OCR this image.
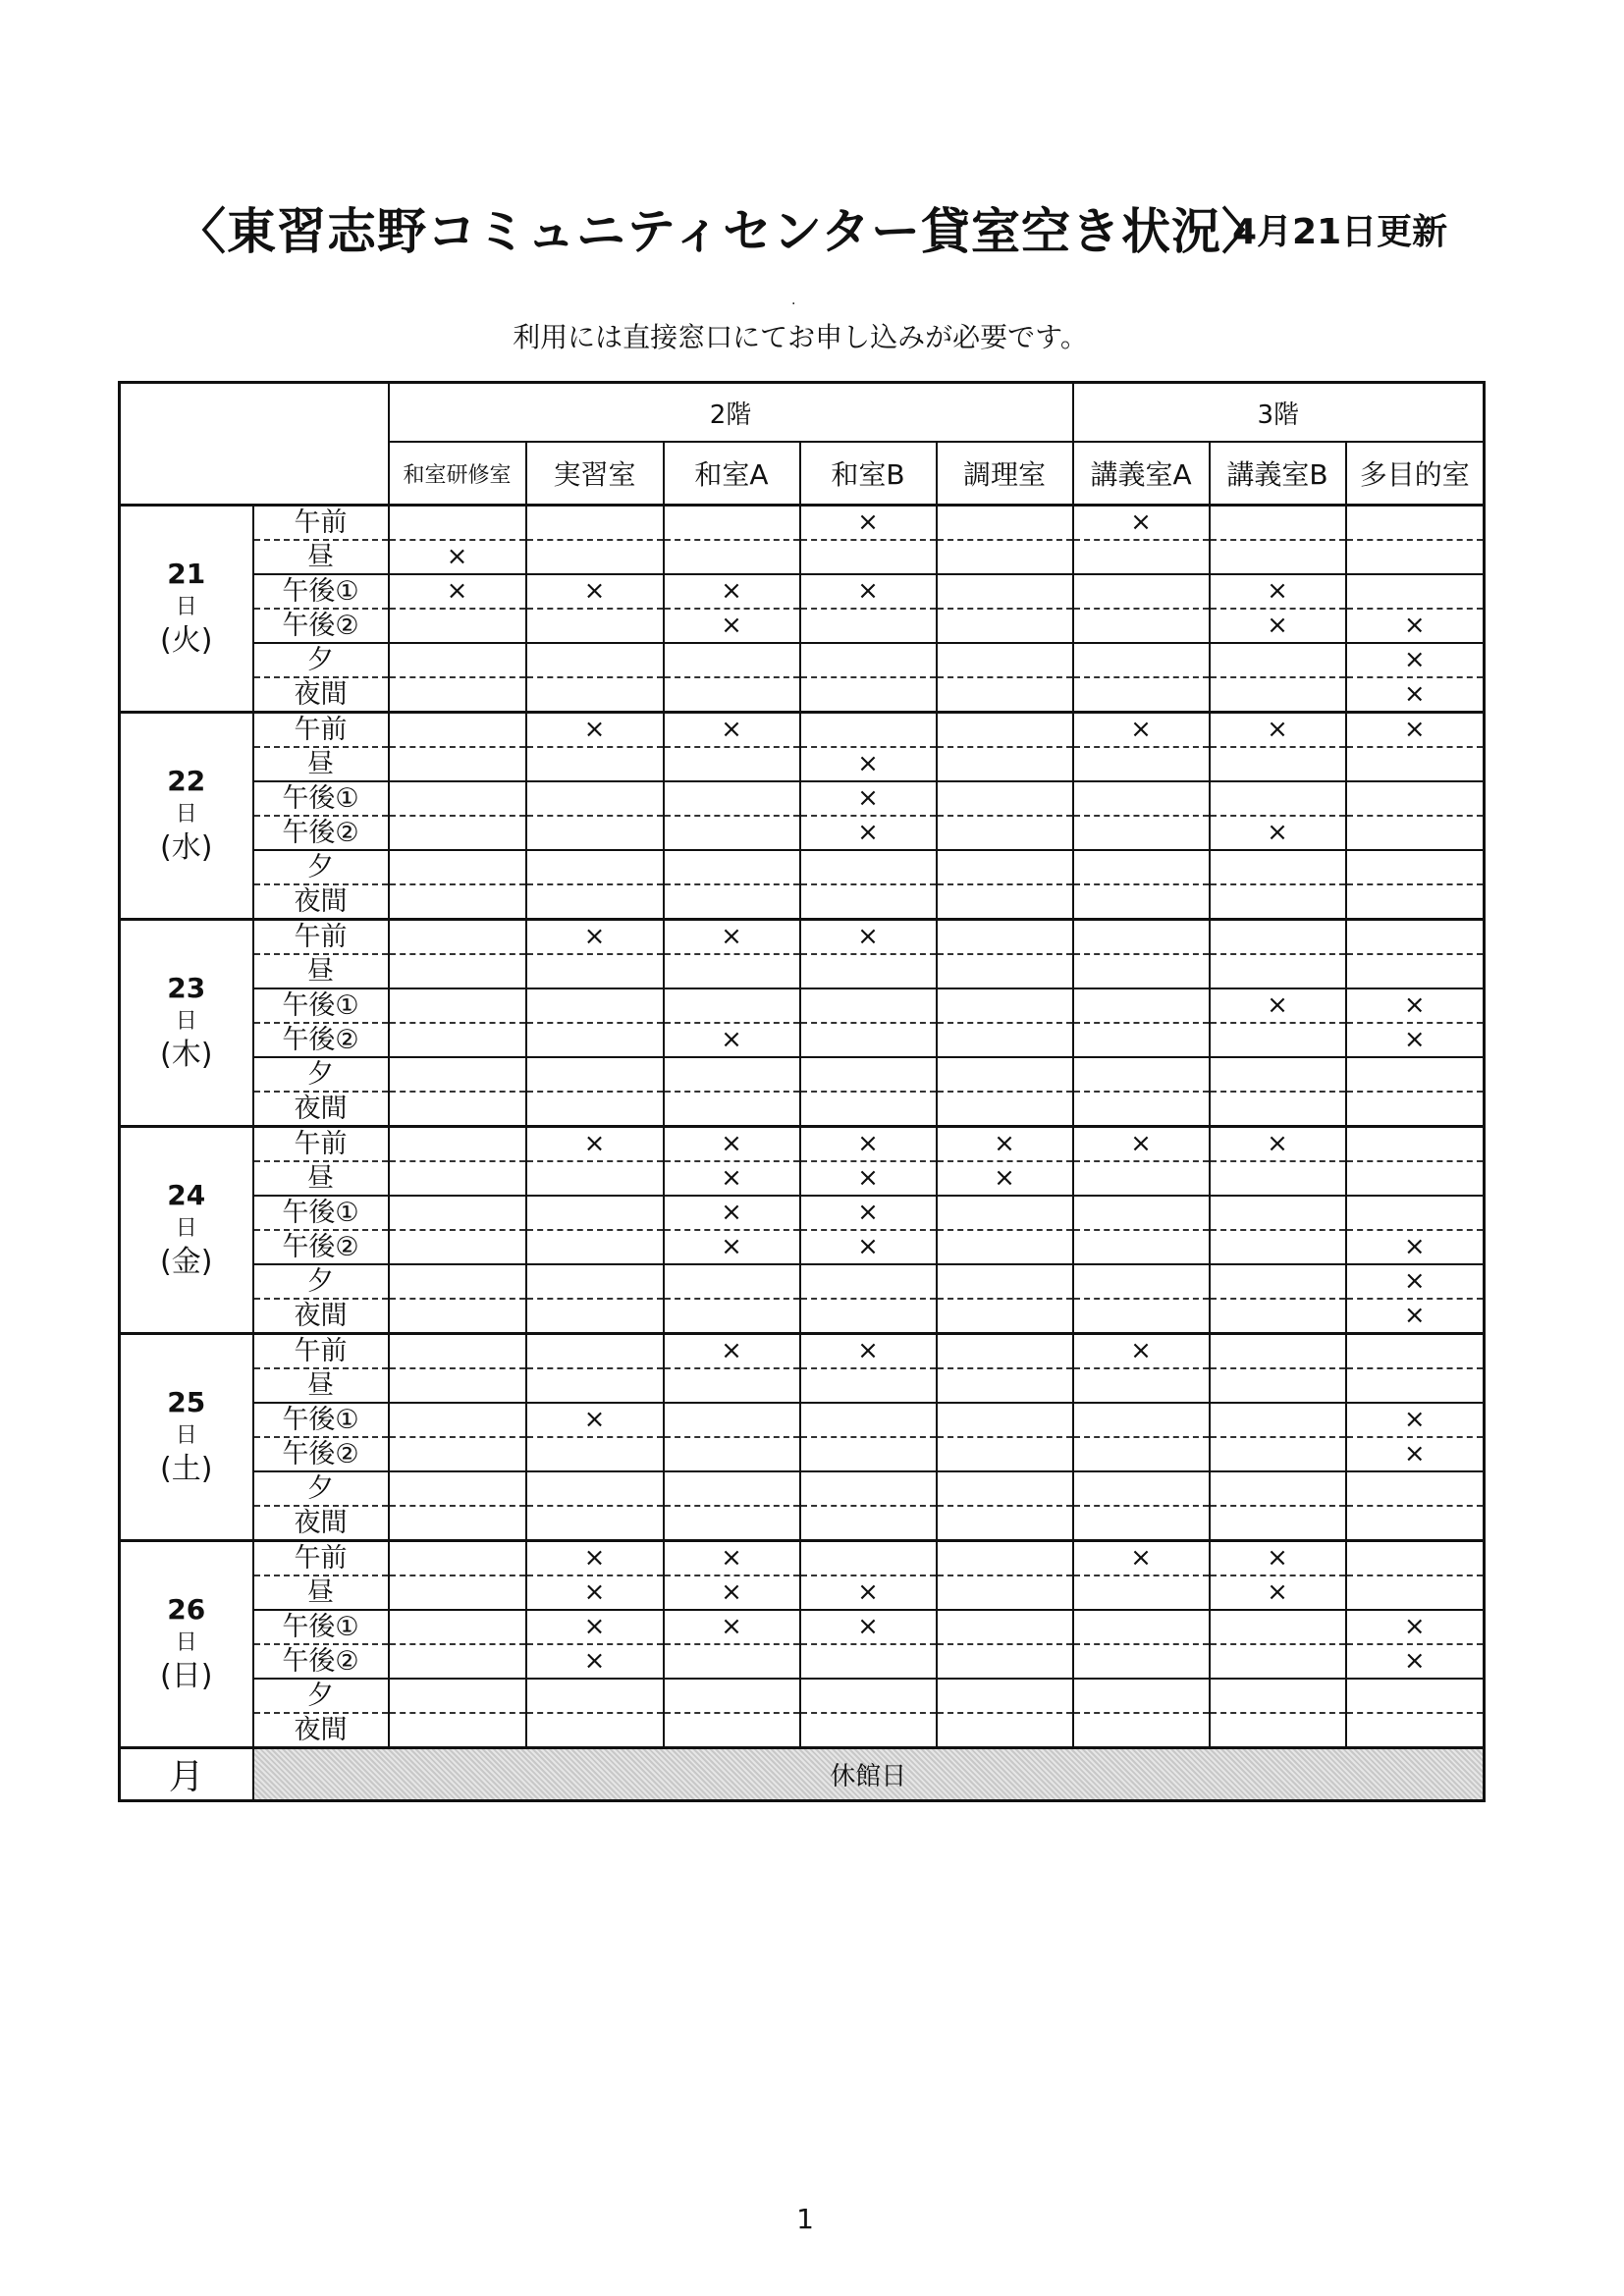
〈東習志野コミュニティセンター貸室空き状況〉
4月21日更新
.
利用には直接窓口にてお申し込みが必要です。
		2階					3階		
		和室研修室	実習室	和室A	和室B	調理室	講義室A	講義室B	多目的室

21
日
(火)	午前				×		×		
	昼	×							
	午後①	×	×	×	×			×	
	午後②			×				×	×
	夕								×
	夜間								×

22
日
(水)	午前		×	×			×	×	×
	昼				×				
	午後①				×				
	午後②				×			×	
	夕								
	夜間								

23
日
(木)	午前		×	×	×				
	昼								
	午後①							×	×
	午後②			×					×
	夕								
	夜間								

24
日
(金)	午前		×	×	×	×	×	×	
	昼			×	×	×			
	午後①			×	×				
	午後②			×	×				×
	夕								×
	夜間								×

25
日
(土)	午前			×	×		×		
	昼								
	午後①		×						×
	午後②								×
	夕								
	夜間								

26
日
(日)	午前		×	×			×	×	
	昼		×	×	×			×	
	午後①		×	×	×				×
	午後②		×						×
	夕								
	夜間								
月	休館日								
1
